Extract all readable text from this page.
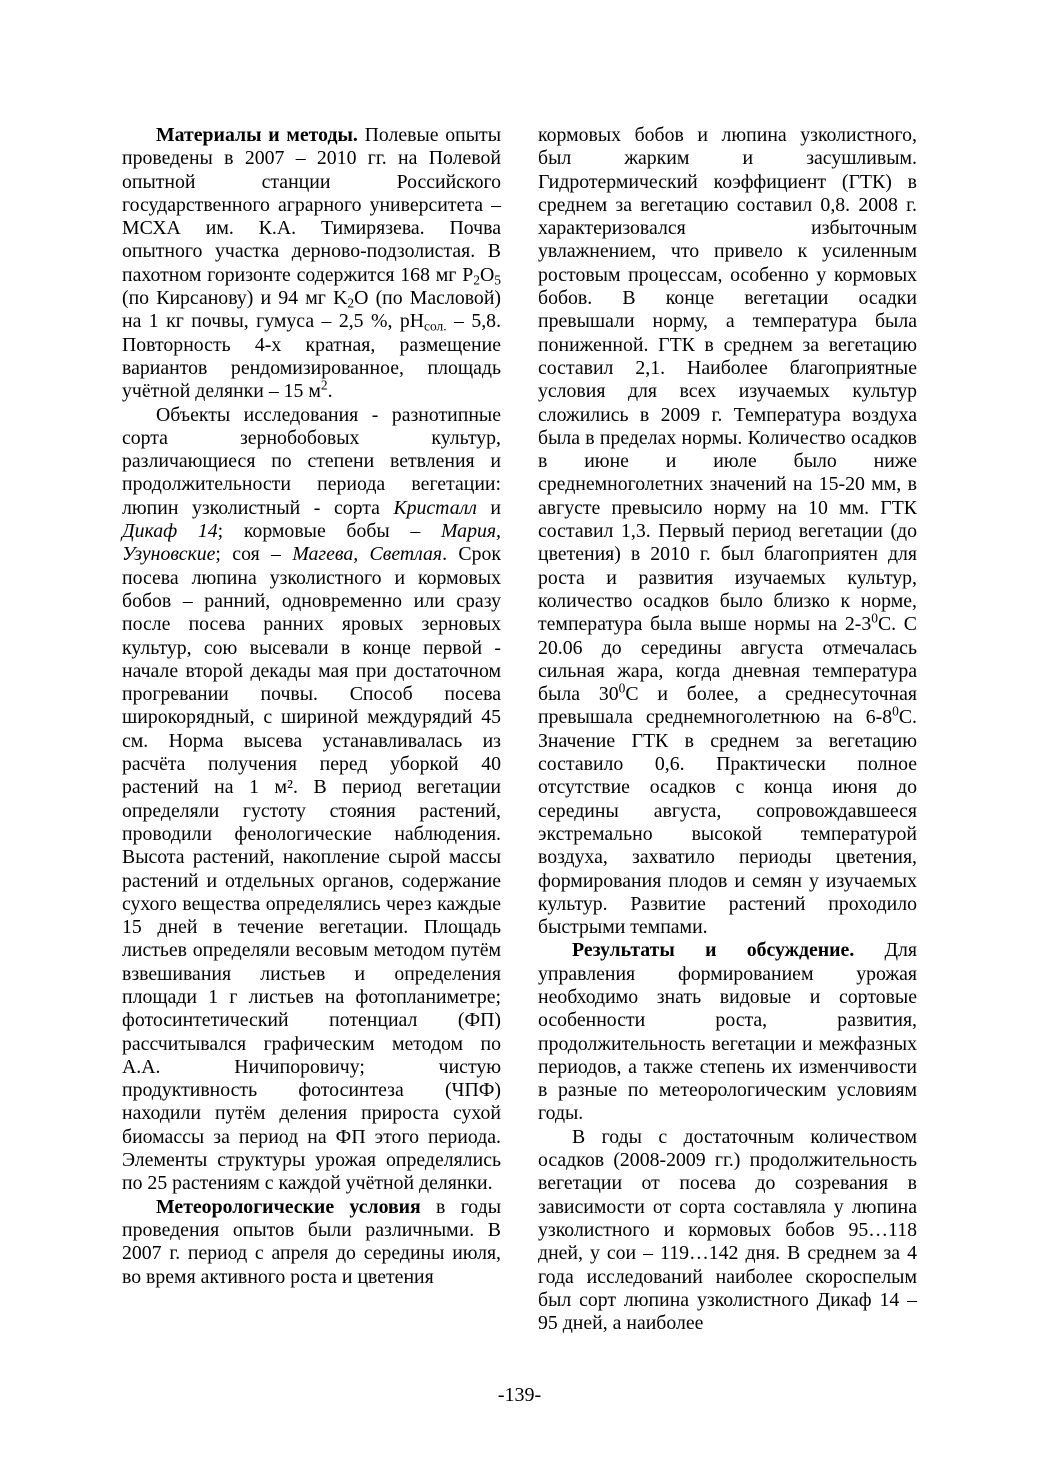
Материалы и методы. Полевые опыты проведены в 2007 – 2010 гг. на Полевой опытной станции Российского государственного аграрного университета – МСХА им. К.А. Тимирязева. Почва опытного участка дерново-подзолистая. В пахотном горизонте содержится 168 мг $P_2O_5$ (по Кирсанову) и 94 мг $K_2O$ (по Масловой) на 1 кг почвы, гумуса – 2,5 %, $pH_{сол.} - 5,8$. Повторность 4-х кратная, размещение вариантов рендомизированное, площадь учётной делянки – 15 $м^2$.

Объекты исследования - разнотипные сорта зернобобовых культур, различающиеся по степени ветвления и продолжительности периода вегетации: люпин узколистный - сорта Кристалл и Дикаф 14; кормовые бобы – Мария, Узуновские; соя – Магева, Светлая. Срок посева люпина узколистного и кормовых бобов – ранний, одновременно или сразу после посева ранних яровых зерновых культур, сою высевали в конце первой - начале второй декады мая при достаточном прогревании почвы. Способ посева широкорядный, с шириной междурядий 45 см. Норма высева устанавливалась из расчёта получения перед уборкой 40 растений на 1 м². В период вегетации определяли густоту стояния растений, проводили фенологические наблюдения. Высота растений, накопление сырой массы растений и отдельных органов, содержание сухого вещества определялись через каждые 15 дней в течение вегетации. Площадь листьев определяли весовым методом путём взвешивания листьев и определения площади 1 г листьев на фотопланиметре; фотосинтетический потенциал (ФП) рассчитывался графическим методом по А.А. Ничипоровичу; чистую продуктивность фотосинтеза (ЧПФ) находили путём деления прироста сухой биомассы за период на ФП этого периода. Элементы структуры урожая определялись по 25 растениям с каждой учётной делянки.

Метеорологические условия в годы проведения опытов были различными. В 2007 г. период с апреля до середины июля, во время активного роста и цветения

кормовых бобов и люпина узколистного, был жарким и засушливым. Гидротермический коэффициент (ГТК) в среднем за вегетацию составил 0,8. 2008 г. характеризовался избыточным увлажнением, что привело к усиленным ростовым процессам, особенно у кормовых бобов. В конце вегетации осадки превышали норму, а температура была пониженной. ГТК в среднем за вегетацию составил 2,1. Наиболее благоприятные условия для всех изучаемых культур сложились в 2009 г. Температура воздуха была в пределах нормы. Количество осадков в июне и июле было ниже среднемноголетних значений на 15-20 мм, в августе превысило норму на 10 мм. ГТК составил 1,3. Первый период вегетации (до цветения) в 2010 г. был благоприятен для роста и развития изучаемых культур, количество осадков было близко к норме, температура была выше нормы на $2-3^0С$. С 20.06 до середины августа отмечалась сильная жара, когда дневная температура была $30^0С$ и более, а среднесуточная превышала среднемноголетнюю на $6-8^0С$. Значение ГТК в среднем за вегетацию составило 0,6. Практически полное отсутствие осадков с конца июня до середины августа, сопровождавшееся экстремально высокой температурой воздуха, захватило периоды цветения, формирования плодов и семян у изучаемых культур. Развитие растений проходило быстрыми темпами.

Результаты и обсуждение. Для управления формированием урожая необходимо знать видовые и сортовые особенности роста, развития, продолжительность вегетации и межфазных периодов, а также степень их изменчивости в разные по метеорологическим условиям годы.

В годы с достаточным количеством осадков (2008-2009 гг.) продолжительность вегетации от посева до созревания в зависимости от сорта составляла у люпина узколистного и кормовых бобов 95…118 дней, у сои – 119…142 дня. В среднем за 4 года исследований наиболее скороспелым был сорт люпина узколистного Дикаф 14 – 95 дней, а наиболее

-139-
